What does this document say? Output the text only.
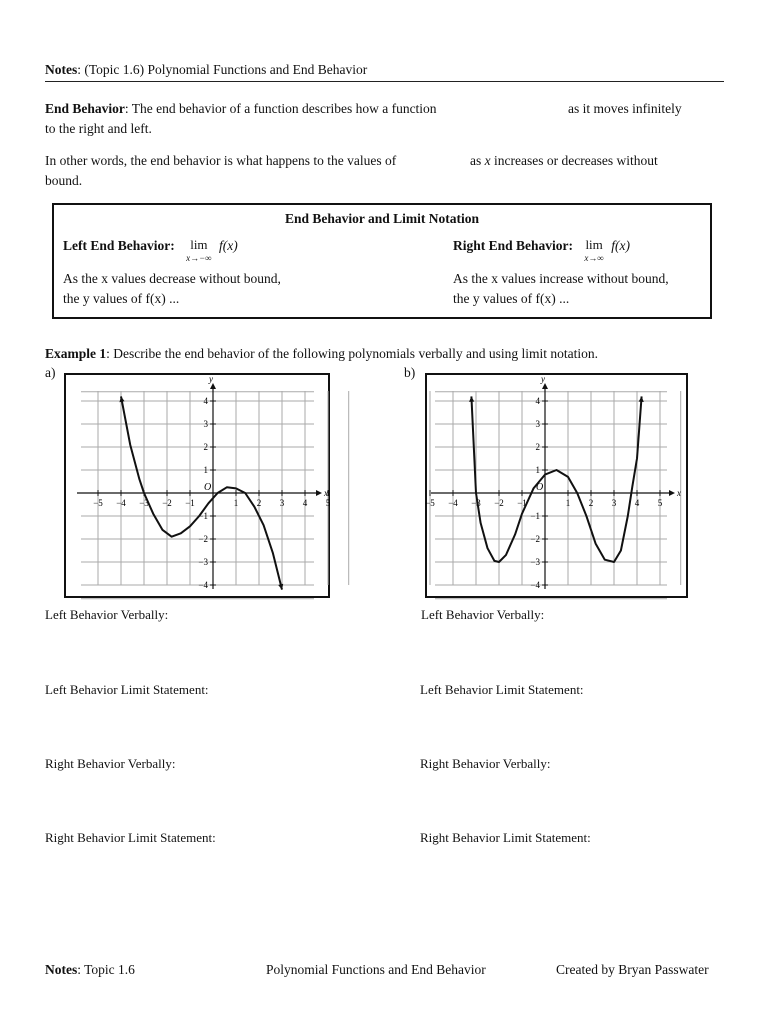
Notes: (Topic 1.6) Polynomial Functions and End Behavior
End Behavior: The end behavior of a function describes how a function	as it moves infinitely
to the right and left.
In other words, the end behavior is what happens to the values of	as x increases or decreases without
bound.
End Behavior and Limit Notation
Left End Behavior:	lim
x→−∞
f(x)
As the x values decrease without bound,
the y values of f(x) ...
Right End Behavior: lim
x→∞
f(x)
As the x values increase without bound,
the y values of f(x) ...
Example 1: Describe the end behavior of the following polynomials verbally and using limit notation.
a)	b)
x
y
O
−5 −4 −3 −2 −1	1 2 3 4 5
4
3
2
1
−1
−2
−3
−4
x
y
O
−5 −4 −3 −2 −1	1 2 3 4 5
4
3
2
1
−1
−2
−3
−4
Left Behavior Verbally:
Left Behavior Limit Statement:
Right Behavior Verbally:
Right Behavior Limit Statement:
Left Behavior Verbally:
Left Behavior Limit Statement:
Right Behavior Verbally:
Right Behavior Limit Statement:
Notes: Topic 1.6	Polynomial Functions and End Behavior	Created by Bryan Passwater
